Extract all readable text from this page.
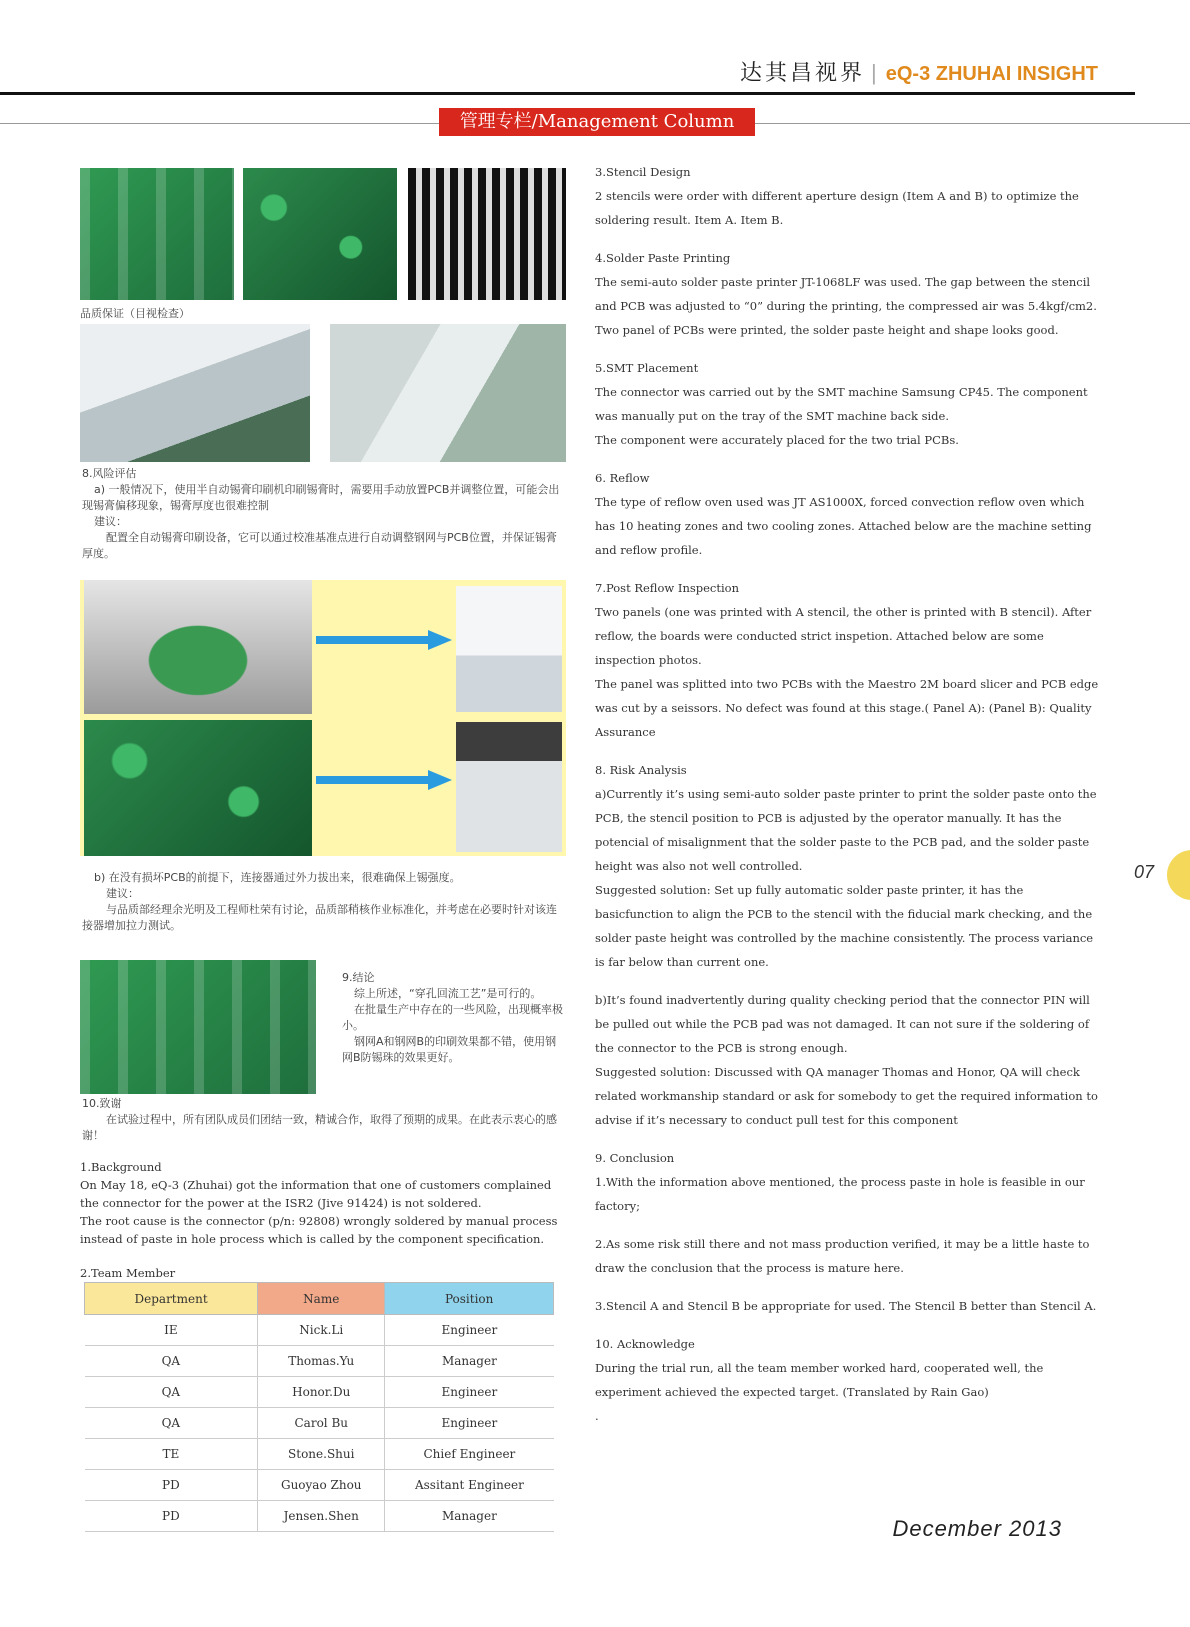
达其昌视界 | eQ-3 ZHUHAI INSIGHT
管理专栏/Management Column
品质保证（目视检查）

8.风险评估

a) 一般情况下，使用半自动锡膏印刷机印刷锡膏时，需要用手动放置PCB并调整位置，可能会出现锡膏偏移现象，锡膏厚度也很难控制

建议：

配置全自动锡膏印刷设备，它可以通过校准基准点进行自动调整钢网与PCB位置，并保证锡膏厚度。

b) 在没有损坏PCB的前提下，连接器通过外力拔出来，很难确保上锡强度。

建议：

与品质部经理余光明及工程师杜荣有讨论，品质部稍核作业标准化，并考虑在必要时针对该连接器增加拉力测试。

9.结论

综上所述，“穿孔回流工艺”是可行的。

在批量生产中存在的一些风险，出现概率极小。

钢网A和钢网B的印刷效果都不错，使用钢网B防锡珠的效果更好。

10.致谢

在试验过程中，所有团队成员们团结一致，精诚合作，取得了预期的成果。在此表示衷心的感谢！

1.Background

On May 18, eQ-3 (Zhuhai) got the information that one of customers complained the connector for the power at the ISR2 (Jive 91424) is not soldered.

The root cause is the connector (p/n: 92808) wrongly soldered by manual process instead of paste in hole process which is called by the component specification.

2.Team Member
Department	Name	Position
IE	Nick.Li	Engineer
QA	Thomas.Yu	Manager
QA	Honor.Du	Engineer
QA	Carol Bu	Engineer
TE	Stone.Shui	Chief Engineer
PD	Guoyao Zhou	Assitant Engineer
PD	Jensen.Shen	Manager

3.Stencil Design

2 stencils were order with different aperture design (Item A and B) to optimize the soldering result. Item A. Item B.

4.Solder Paste Printing

The semi-auto solder paste printer JT-1068LF was used. The gap between the stencil and PCB was adjusted to “0” during the printing, the compressed air was 5.4kgf/cm2. Two panel of PCBs were printed, the solder paste height and shape looks good.

5.SMT Placement

The connector was carried out by the SMT machine Samsung CP45. The component was manually put on the tray of the SMT machine back side.

The component were accurately placed for the two trial PCBs.

6. Reflow

The type of reflow oven used was JT AS1000X, forced convection reflow oven which has 10 heating zones and two cooling zones. Attached below are the machine setting and reflow profile.

7.Post Reflow Inspection

Two panels (one was printed with A stencil, the other is printed with B stencil). After reflow, the boards were conducted strict inspetion. Attached below are some inspection photos.

The panel was splitted into two PCBs with the Maestro 2M board slicer and PCB edge was cut by a seissors. No defect was found at this stage.( Panel A): (Panel B): Quality Assurance

8. Risk Analysis

a)Currently it’s using semi-auto solder paste printer to print the solder paste onto the PCB, the stencil position to PCB is adjusted by the operator manually. It has the potencial of misalignment that the solder paste to the PCB pad, and the solder paste height was also not well controlled.

Suggested solution: Set up fully automatic solder paste printer, it has the basicfunction to align the PCB to the stencil with the fiducial mark checking, and the solder paste height was controlled by the machine consistently. The process variance is far below than current one.

b)It’s found inadvertently during quality checking period that the connector PIN will be pulled out while the PCB pad was not damaged. It can not sure if the soldering of the connector to the PCB is strong enough.

Suggested solution: Discussed with QA manager Thomas and Honor, QA will check related workmanship standard or ask for somebody to get the required information to advise if it’s necessary to conduct pull test for this component

9. Conclusion

1.With the information above mentioned, the process paste in hole is feasible in our factory;

2.As some risk still there and not mass production verified, it may be a little haste to draw the conclusion that the process is mature here.

3.Stencil A and Stencil B be appropriate for used. The Stencil B better than Stencil A.

10. Acknowledge

During the trial run, all the team member worked hard, cooperated well, the experiment achieved the expected target. (Translated by Rain Gao)

.

07
December 2013
